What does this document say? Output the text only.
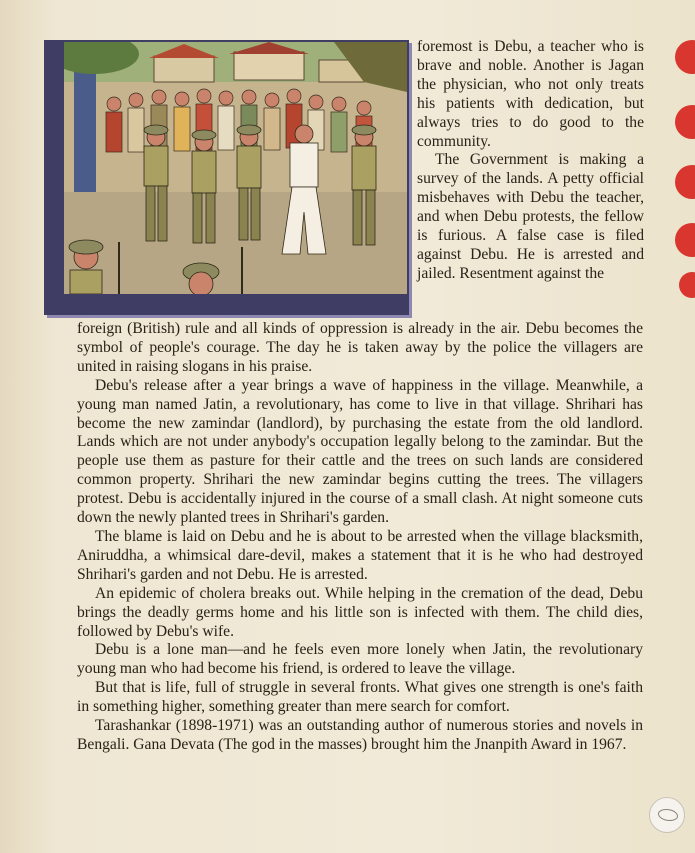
foremost is Debu, a teacher who is brave and noble. Another is Jagan the physician, who not only treats his patients with dedication, but always tries to do good to the community.

The Government is making a survey of the lands. A petty official misbehaves with Debu the teacher, and when Debu protests, the fellow is furious. A false case is filed against Debu. He is arrested and jailed. Resentment against the

foreign (British) rule and all kinds of oppression is already in the air. Debu becomes the symbol of people's courage. The day he is taken away by the police the villagers are united in raising slogans in his praise.

Debu's release after a year brings a wave of happiness in the village. Meanwhile, a young man named Jatin, a revolutionary, has come to live in that village. Shrihari has become the new zamindar (landlord), by purchasing the estate from the old landlord. Lands which are not under anybody's occupation legally belong to the zamindar. But the people use them as pasture for their cattle and the trees on such lands are considered common property. Shrihari the new zamindar begins cutting the trees. The villagers protest. Debu is accidentally injured in the course of a small clash. At night someone cuts down the newly planted trees in Shrihari's garden.

The blame is laid on Debu and he is about to be arrested when the village blacksmith, Aniruddha, a whimsical dare-devil, makes a statement that it is he who had destroyed Shrihari's garden and not Debu. He is arrested.

An epidemic of cholera breaks out. While helping in the cremation of the dead, Debu brings the deadly germs home and his little son is infected with them. The child dies, followed by Debu's wife.

Debu is a lone man—and he feels even more lonely when Jatin, the revolutionary young man who had become his friend, is ordered to leave the village.

But that is life, full of struggle in several fronts. What gives one strength is one's faith in something higher, something greater than mere search for comfort.

Tarashankar (1898-1971) was an outstanding author of numerous stories and novels in Bengali. Gana Devata (The god in the masses) brought him the Jnanpith Award in 1967.
